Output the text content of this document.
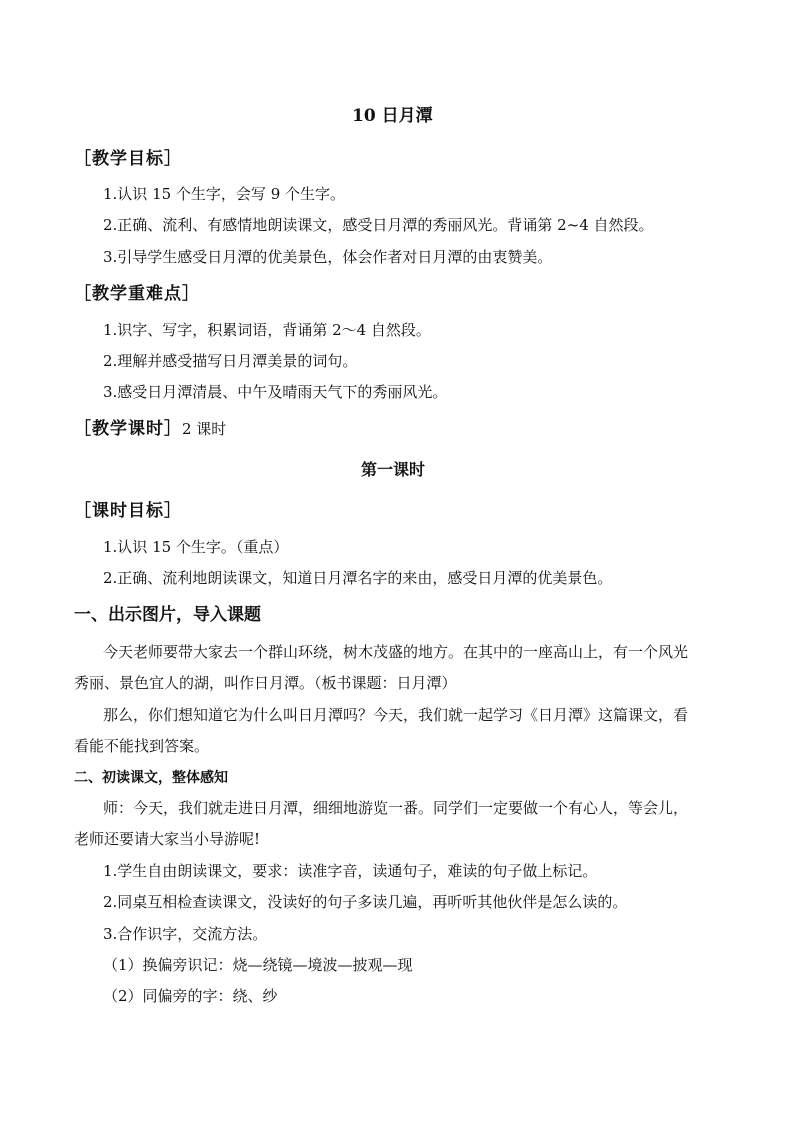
10 日月潭
［教学目标］
1.认识 15 个生字，会写 9 个生字。
2.正确、流利、有感情地朗读课文，感受日月潭的秀丽风光。背诵第 2~4 自然段。
3.引导学生感受日月潭的优美景色，体会作者对日月潭的由衷赞美。
［教学重难点］
1.识字、写字，积累词语，背诵第 2～4 自然段。
2.理解并感受描写日月潭美景的词句。
3.感受日月潭清晨、中午及晴雨天气下的秀丽风光。
［教学课时］2 课时
第一课时
［课时目标］
1.认识 15 个生字。（重点）
2.正确、流利地朗读课文，知道日月潭名字的来由，感受日月潭的优美景色。
一、出示图片，导入课题
今天老师要带大家去一个群山环绕，树木茂盛的地方。在其中的一座高山上，有一个风光
秀丽、景色宜人的湖，叫作日月潭。（板书课题：日月潭）
那么，你们想知道它为什么叫日月潭吗？今天，我们就一起学习《日月潭》这篇课文，看
看能不能找到答案。
二、初读课文，整体感知
师：今天，我们就走进日月潭，细细地游览一番。同学们一定要做一个有心人，等会儿，
老师还要请大家当小导游呢!
1.学生自由朗读课文，要求：读准字音，读通句子，难读的句子做上标记。
2.同桌互相检查读课文，没读好的句子多读几遍，再听听其他伙伴是怎么读的。
3.合作识字，交流方法。
（1）换偏旁识记：烧—绕镜—境波—披观—现
（2）同偏旁的字：绕、纱
